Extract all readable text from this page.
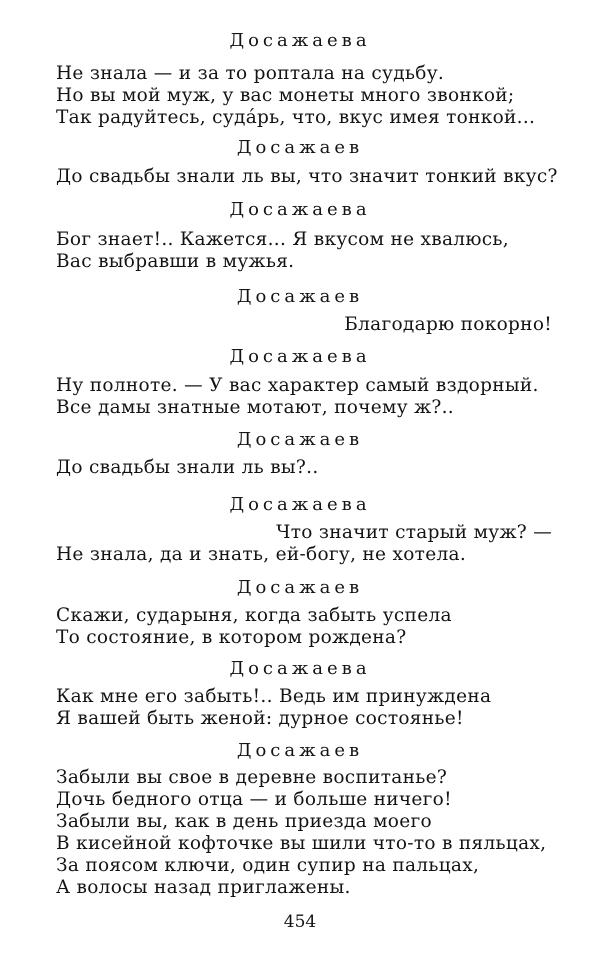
Досажаева
Не знала — и за то роптала на судьбу.
Но вы мой муж, у вас монеты много звонкой;
Так радуйтесь, суда́рь, что, вкус имея тонкой...
Досажаев
До свадьбы знали ль вы, что значит тонкий вкус?
Досажаева
Бог знает!.. Кажется... Я вкусом не хвалюсь,
Вас выбравши в мужья.
Досажаев
Благодарю покорно!
Досажаева
Ну полноте. — У вас характер самый вздорный.
Все дамы знатные мотают, почему ж?..
Досажаев
До свадьбы знали ль вы?..
Досажаева
Что значит старый муж? —
Не знала, да и знать, ей-богу, не хотела.
Досажаев
Скажи, сударыня, когда забыть успела
То состояние, в котором рождена?
Досажаева
Как мне его забыть!.. Ведь им принуждена
Я вашей быть женой: дурное состоянье!
Досажаев
Забыли вы свое в деревне воспитанье?
Дочь бедного отца — и больше ничего!
Забыли вы, как в день приезда моего
В кисейной кофточке вы шили что-то в пяльцах,
За поясом ключи, один супир на пальцах,
А волосы назад приглажены.
454
